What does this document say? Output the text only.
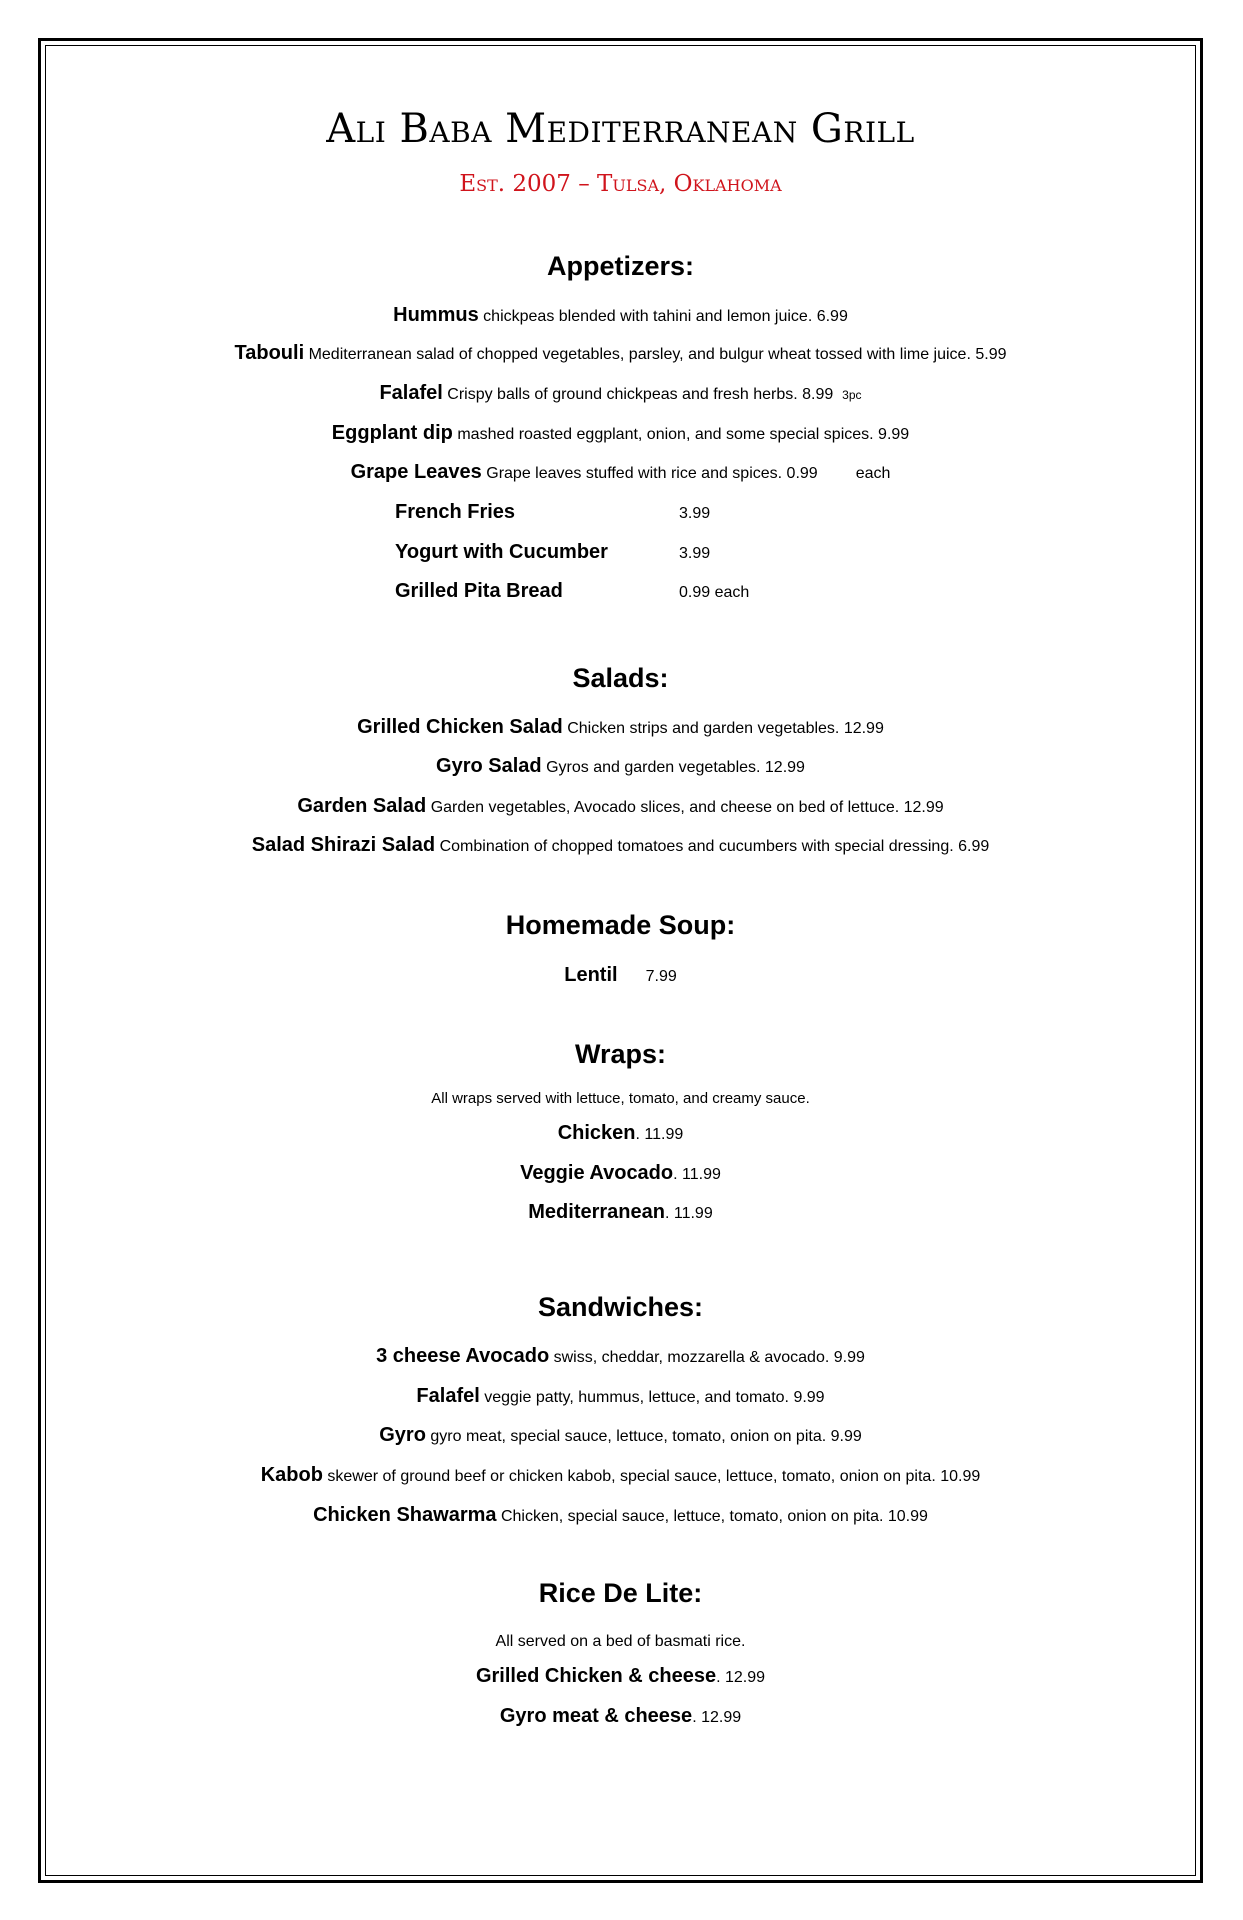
Ali Baba Mediterranean Grill
Est. 2007 – Tulsa, Oklahoma
Appetizers:
Hummus chickpeas blended with tahini and lemon juice. 6.99
Tabouli Mediterranean salad of chopped vegetables, parsley, and bulgur wheat tossed with lime juice. 5.99
Falafel Crispy balls of ground chickpeas and fresh herbs. 8.99 3pc
Eggplant dip mashed roasted eggplant, onion, and some special spices. 9.99
Grape Leaves Grape leaves stuffed with rice and spices. 0.99 each
French Fries	3.99
Yogurt with Cucumber	3.99
Grilled Pita Bread	0.99 each
Salads:
Grilled Chicken Salad Chicken strips and garden vegetables. 12.99
Gyro Salad Gyros and garden vegetables. 12.99
Garden Salad Garden vegetables, Avocado slices, and cheese on bed of lettuce. 12.99
Salad Shirazi Salad Combination of chopped tomatoes and cucumbers with special dressing. 6.99
Homemade Soup:
Lentil 7.99
Wraps:
All wraps served with lettuce, tomato, and creamy sauce.
Chicken. 11.99
Veggie Avocado. 11.99
Mediterranean. 11.99
Sandwiches:
3 cheese Avocado swiss, cheddar, mozzarella & avocado. 9.99
Falafel veggie patty, hummus, lettuce, and tomato. 9.99
Gyro gyro meat, special sauce, lettuce, tomato, onion on pita. 9.99
Kabob skewer of ground beef or chicken kabob, special sauce, lettuce, tomato, onion on pita. 10.99
Chicken Shawarma Chicken, special sauce, lettuce, tomato, onion on pita. 10.99
Rice De Lite:
All served on a bed of basmati rice.
Grilled Chicken & cheese. 12.99
Gyro meat & cheese. 12.99
